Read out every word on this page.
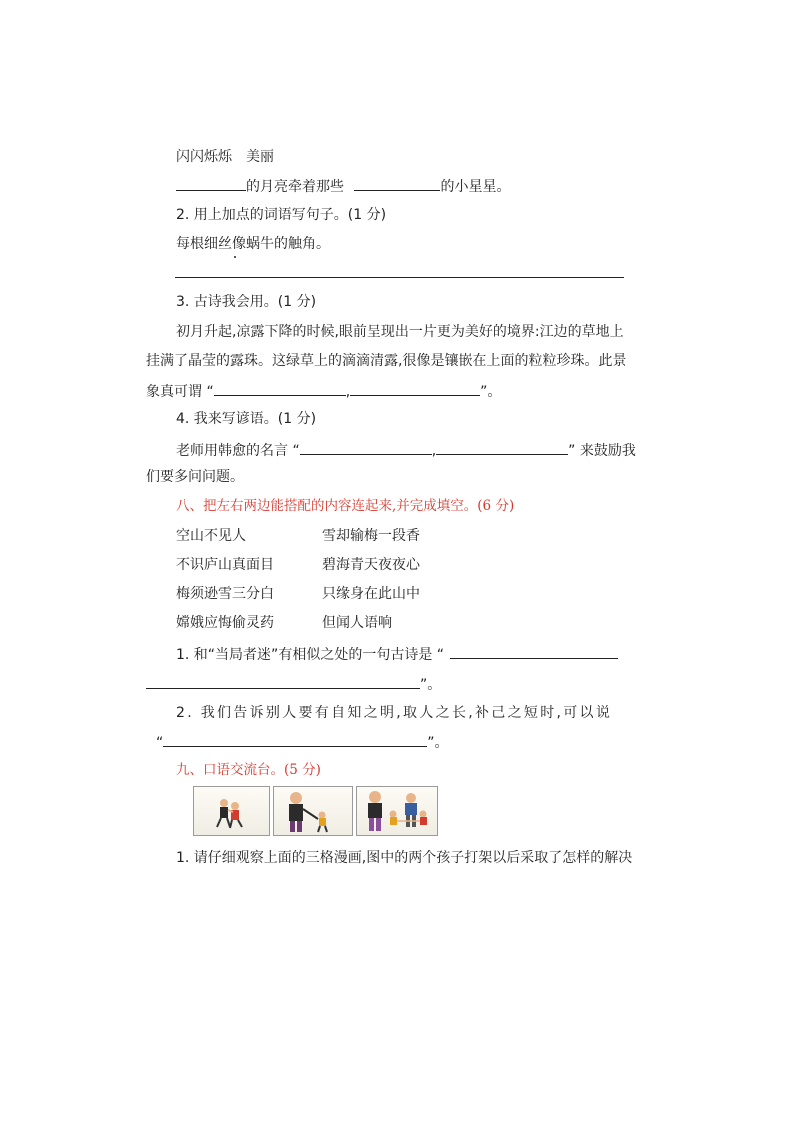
闪闪烁烁　美丽
的月亮牵着那些	的小星星。
2. 用上加点的词语写句子。(1 分)
每根细丝像蜗牛的触角。
3. 古诗我会用。(1 分)
初月升起,凉露下降的时候,眼前呈现出一片更为美好的境界:江边的草地上
挂满了晶莹的露珠。这绿草上的滴滴清露,很像是镶嵌在上面的粒粒珍珠。此景
象真可谓 “	,	”。
4. 我来写谚语。(1 分)
老师用韩愈的名言 “	,	” 来鼓励我
们要多问问题。
八、把左右两边能搭配的内容连起来,并完成填空。(6 分)
空山不见人	雪却输梅一段香
不识庐山真面目	碧海青天夜夜心
梅须逊雪三分白	只缘身在此山中
嫦娥应悔偷灵药	但闻人语响
1. 和“当局者迷”有相似之处的一句古诗是 “
”。
2. 我们告诉别人要有自知之明,取人之长,补己之短时,可以说
“	”。
九、口语交流台。(5 分)
1. 请仔细观察上面的三格漫画,图中的两个孩子打架以后采取了怎样的解决
